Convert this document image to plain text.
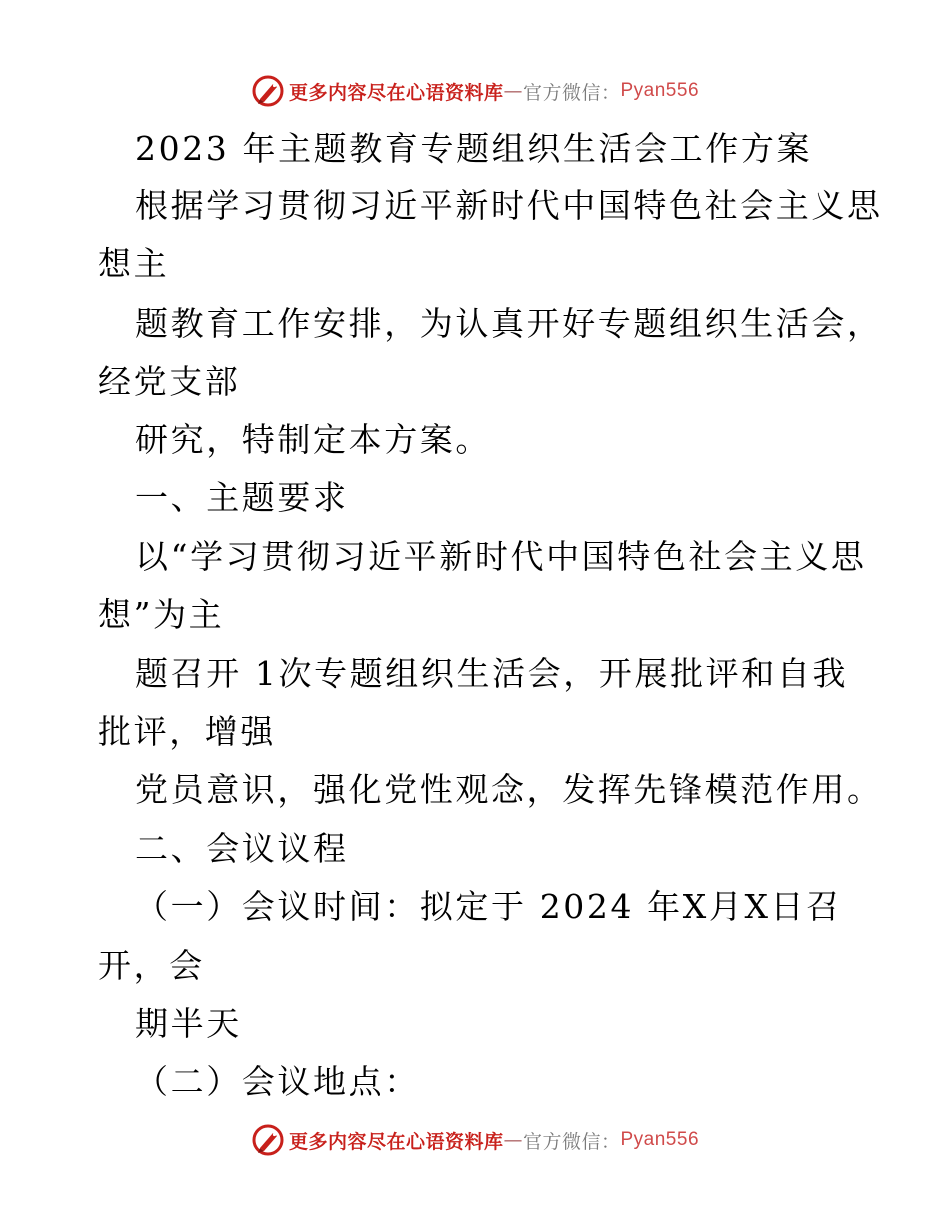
更多内容尽在心语资料库 — 官方微信： Pyan556
2023 年主题教育专题组织生活会工作方案
根据学习贯彻习近平新时代中国特色社会主义思
想主
题教育工作安排，为认真开好专题组织生活会，
经党支部
研究，特制定本方案。
一、主题要求
以“学习贯彻习近平新时代中国特色社会主义思
想”为主
题召开 1次专题组织生活会，开展批评和自我
批评，增强
党员意识，强化党性观念，发挥先锋模范作用。
二、会议议程
（一）会议时间：拟定于 2024 年X月X日召
开，会
期半天
（二）会议地点：
更多内容尽在心语资料库 — 官方微信： Pyan556
